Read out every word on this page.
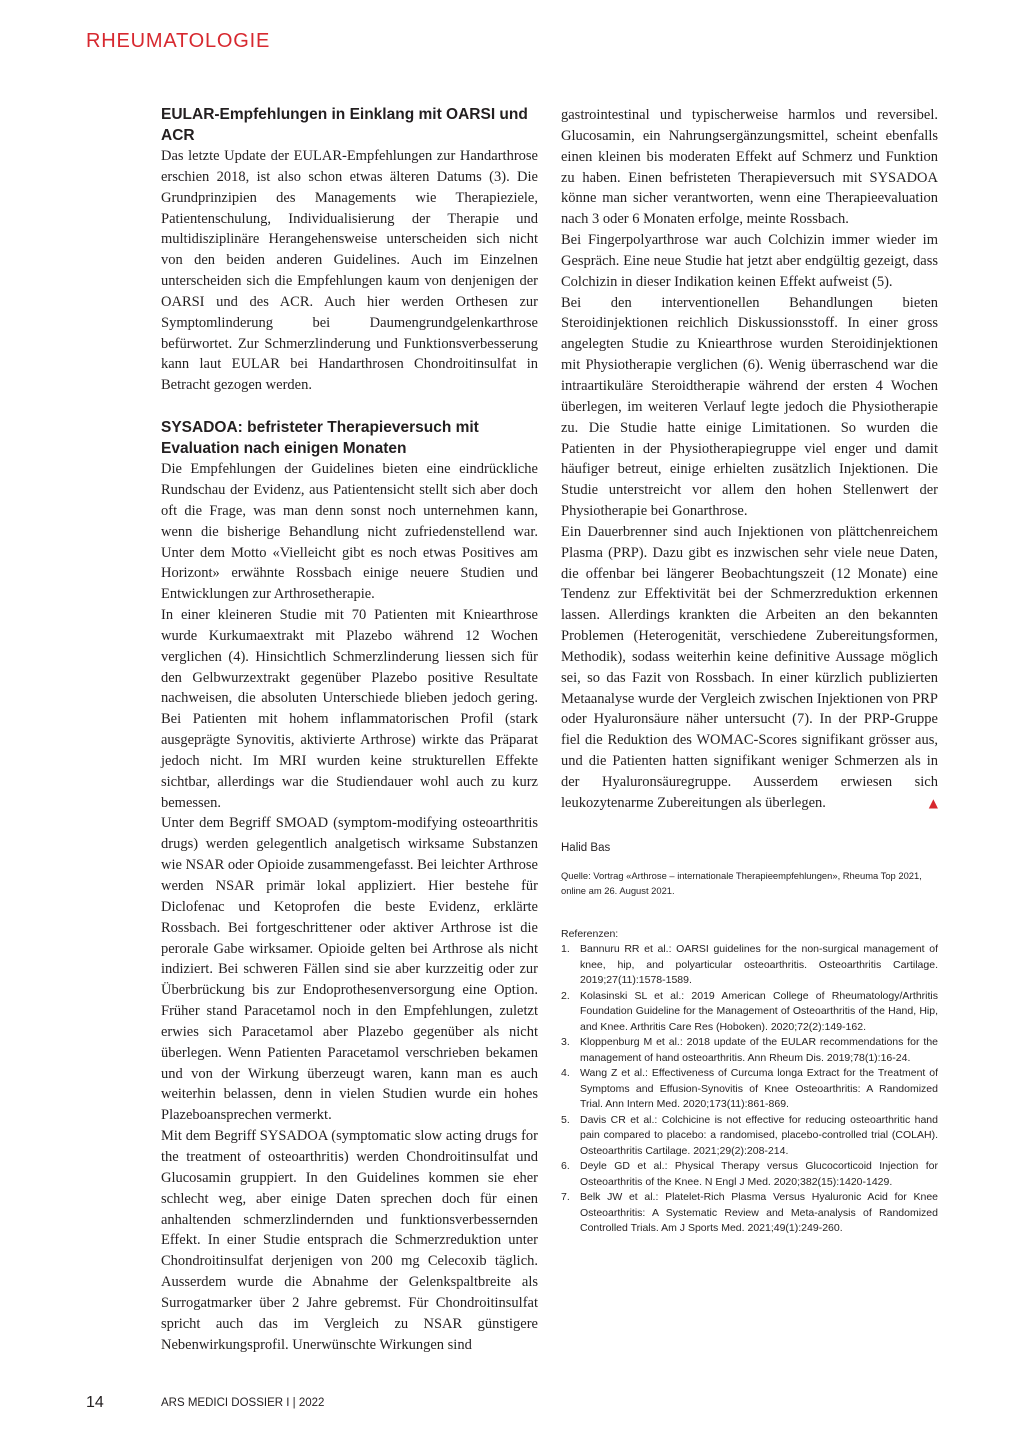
RHEUMATOLOGIE
EULAR-Empfehlungen in Einklang mit OARSI und ACR

Das letzte Update der EULAR-Empfehlungen zur Handarthrose erschien 2018, ist also schon etwas älteren Datums (3). Die Grundprinzipien des Managements wie Therapieziele, Patientenschulung, Individualisierung der Therapie und multidisziplinäre Herangehensweise unterscheiden sich nicht von den beiden anderen Guidelines. Auch im Einzelnen unterscheiden sich die Empfehlungen kaum von denjenigen der OARSI und des ACR. Auch hier werden Orthesen zur Symptomlinderung bei Daumengrundgelenkarthrose befürwortet. Zur Schmerzlinderung und Funktionsverbesserung kann laut EULAR bei Handarthrosen Chondroitinsulfat in Betracht gezogen werden.

SYSADOA: befristeter Therapieversuch mit Evaluation nach einigen Monaten

Die Empfehlungen der Guidelines bieten eine eindrückliche Rundschau der Evidenz, aus Patientensicht stellt sich aber doch oft die Frage, was man denn sonst noch unternehmen kann, wenn die bisherige Behandlung nicht zufriedenstellend war. Unter dem Motto «Vielleicht gibt es noch etwas Positives am Horizont» erwähnte Rossbach einige neuere Studien und Entwicklungen zur Arthrosetherapie.

In einer kleineren Studie mit 70 Patienten mit Kniearthrose wurde Kurkumaextrakt mit Plazebo während 12 Wochen verglichen (4). Hinsichtlich Schmerzlinderung liessen sich für den Gelbwurzextrakt gegenüber Plazebo positive Resultate nachweisen, die absoluten Unterschiede blieben jedoch gering. Bei Patienten mit hohem inflammatorischen Profil (stark ausgeprägte Synovitis, aktivierte Arthrose) wirkte das Präparat jedoch nicht. Im MRI wurden keine strukturellen Effekte sichtbar, allerdings war die Studiendauer wohl auch zu kurz bemessen.

Unter dem Begriff SMOAD (symptom-modifying osteoarthritis drugs) werden gelegentlich analgetisch wirksame Substanzen wie NSAR oder Opioide zusammengefasst. Bei leichter Arthrose werden NSAR primär lokal appliziert. Hier bestehe für Diclofenac und Ketoprofen die beste Evidenz, erklärte Rossbach. Bei fortgeschrittener oder aktiver Arthrose ist die perorale Gabe wirksamer. Opioide gelten bei Arthrose als nicht indiziert. Bei schweren Fällen sind sie aber kurzzeitig oder zur Überbrückung bis zur Endoprothesenversorgung eine Option. Früher stand Paracetamol noch in den Empfehlungen, zuletzt erwies sich Paracetamol aber Plazebo gegenüber als nicht überlegen. Wenn Patienten Paracetamol verschrieben bekamen und von der Wirkung überzeugt waren, kann man es auch weiterhin belassen, denn in vielen Studien wurde ein hohes Plazeboansprechen vermerkt.

Mit dem Begriff SYSADOA (symptomatic slow acting drugs for the treatment of osteoarthritis) werden Chondroitinsulfat und Glucosamin gruppiert. In den Guidelines kommen sie eher schlecht weg, aber einige Daten sprechen doch für einen anhaltenden schmerzlindernden und funktionsverbessernden Effekt. In einer Studie entsprach die Schmerzreduktion unter Chondroitinsulfat derjenigen von 200 mg Celecoxib täglich. Ausserdem wurde die Abnahme der Gelenkspaltbreite als Surrogatmarker über 2 Jahre gebremst. Für Chondroitinsulfat spricht auch das im Vergleich zu NSAR günstigere Nebenwirkungsprofil. Unerwünschte Wirkungen sind

gastrointestinal und typischerweise harmlos und reversibel. Glucosamin, ein Nahrungsergänzungsmittel, scheint ebenfalls einen kleinen bis moderaten Effekt auf Schmerz und Funktion zu haben. Einen befristeten Therapieversuch mit SYSADOA könne man sicher verantworten, wenn eine Therapieevaluation nach 3 oder 6 Monaten erfolge, meinte Rossbach.

Bei Fingerpolyarthrose war auch Colchizin immer wieder im Gespräch. Eine neue Studie hat jetzt aber endgültig gezeigt, dass Colchizin in dieser Indikation keinen Effekt aufweist (5).

Bei den interventionellen Behandlungen bieten Steroidinjektionen reichlich Diskussionsstoff. In einer gross angelegten Studie zu Kniearthrose wurden Steroidinjektionen mit Physiotherapie verglichen (6). Wenig überraschend war die intraartikuläre Steroidtherapie während der ersten 4 Wochen überlegen, im weiteren Verlauf legte jedoch die Physiotherapie zu. Die Studie hatte einige Limitationen. So wurden die Patienten in der Physiotherapiegruppe viel enger und damit häufiger betreut, einige erhielten zusätzlich Injektionen. Die Studie unterstreicht vor allem den hohen Stellenwert der Physiotherapie bei Gonarthrose.

Ein Dauerbrenner sind auch Injektionen von plättchenreichem Plasma (PRP). Dazu gibt es inzwischen sehr viele neue Daten, die offenbar bei längerer Beobachtungszeit (12 Monate) eine Tendenz zur Effektivität bei der Schmerzreduktion erkennen lassen. Allerdings krankten die Arbeiten an den bekannten Problemen (Heterogenität, verschiedene Zubereitungsformen, Methodik), sodass weiterhin keine definitive Aussage möglich sei, so das Fazit von Rossbach. In einer kürzlich publizierten Metaanalyse wurde der Vergleich zwischen Injektionen von PRP oder Hyaluronsäure näher untersucht (7). In der PRP-Gruppe fiel die Reduktion des WOMAC-Scores signifikant grösser aus, und die Patienten hatten signifikant weniger Schmerzen als in der Hyaluronsäuregruppe. Ausserdem erwiesen sich leukozytenarme Zubereitungen als überlegen.	▲

Halid Bas
Quelle: Vortrag «Arthrose – internationale Therapieempfehlungen», Rheuma Top 2021, online am 26. August 2021.
Referenzen:
1. Bannuru RR et al.: OARSI guidelines for the non-surgical management of knee, hip, and polyarticular osteoarthritis. Osteoarthritis Cartilage. 2019;27(11):1578-1589.
2. Kolasinski SL et al.: 2019 American College of Rheumatology/Arthritis Foundation Guideline for the Management of Osteoarthritis of the Hand, Hip, and Knee. Arthritis Care Res (Hoboken). 2020;72(2):149-162.
3. Kloppenburg M et al.: 2018 update of the EULAR recommendations for the management of hand osteoarthritis. Ann Rheum Dis. 2019;78(1):16-24.
4. Wang Z et al.: Effectiveness of Curcuma longa Extract for the Treatment of Symptoms and Effusion-Synovitis of Knee Osteoarthritis: A Randomized Trial. Ann Intern Med. 2020;173(11):861-869.
5. Davis CR et al.: Colchicine is not effective for reducing osteoarthritic hand pain compared to placebo: a randomised, placebo-controlled trial (COLAH). Osteoarthritis Cartilage. 2021;29(2):208-214.
6. Deyle GD et al.: Physical Therapy versus Glucocorticoid Injection for Osteoarthritis of the Knee. N Engl J Med. 2020;382(15):1420-1429.
7. Belk JW et al.: Platelet-Rich Plasma Versus Hyaluronic Acid for Knee Osteoarthritis: A Systematic Review and Meta-analysis of Randomized Controlled Trials. Am J Sports Med. 2021;49(1):249-260.
14	ARS MEDICI DOSSIER I | 2022
